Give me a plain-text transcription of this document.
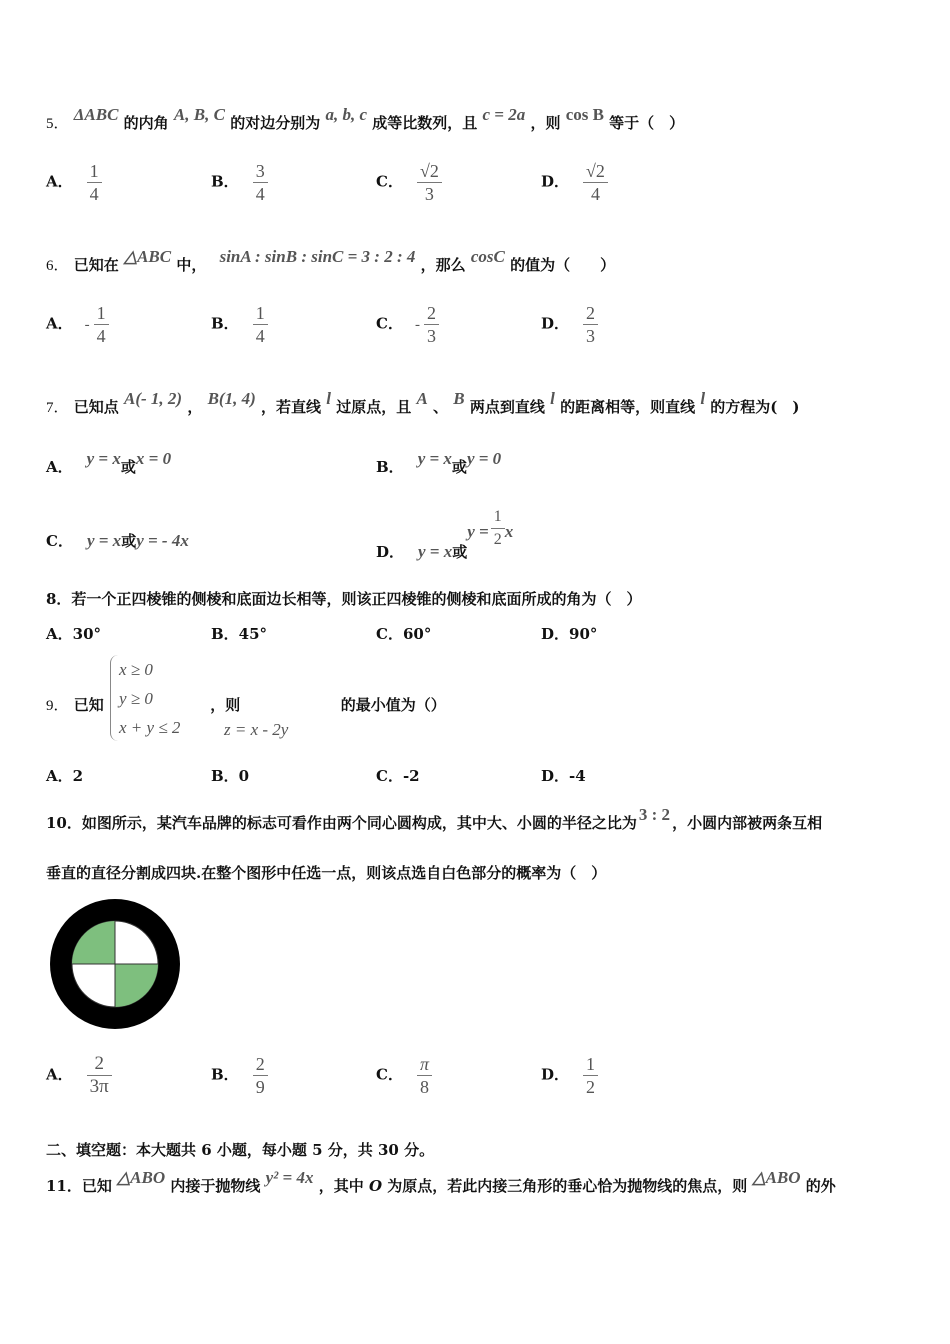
5． ΔABC 的内角 A, B, C 的对边分别为 a, b, c 成等比数列，且 c = 2a ，则 cos B 等于（　）
A． $\frac{1}{4}$	B． $\frac{3}{4}$	C． $\frac{√2}{3}$	D． $\frac{√2}{4}$
6． 已知在 △ABC 中， sinA : sinB : sinC = 3 : 2 : 4 ，那么 cosC 的值为（　　）
A． - $\frac{1}{4}$	B． $\frac{1}{4}$	C． - $\frac{2}{3}$	D． $\frac{2}{3}$
7． 已知点 A(- 1, 2) ， B(1, 4) ，若直线 l 过原点，且 A 、 B 两点到直线 l 的距离相等，则直线 l 的方程为(　)
A． y = x或x = 0	B． y = x或y = 0
C． y = x或y = - 4x
D． y = x或$y = \frac{1}{2}$ x
8．若一个正四棱锥的侧棱和底面边长相等，则该正四棱锥的侧棱和底面所成的角为（　）
A．30°	B．45°	C．60°	D．90°
9． 已知	，则	的最小值为（）
x ≥ 0
y ≥ 0
x + y ≤ 2	z = x - 2y
A．2	B．0	C．-2	D．-4
10．如图所示，某汽车品牌的标志可看作由两个同心圆构成，其中大、小圆的半径之比为 3 : 2 ，小圆内部被两条互相
垂直的直径分割成四块.在整个图形中任选一点，则该点选自白色部分的概率为（　）
A． $\frac{2}{3\pi}$	B． $\frac{2}{9}$	C． $\frac{\pi}{8}$	D． $\frac{1}{2}$
二、填空题：本大题共 6 小题，每小题 5 分，共 30 分。
11．已知 △ABO 内接于抛物线 y² = 4x ，其中 O 为原点，若此内接三角形的垂心恰为抛物线的焦点，则 △ABO 的外
